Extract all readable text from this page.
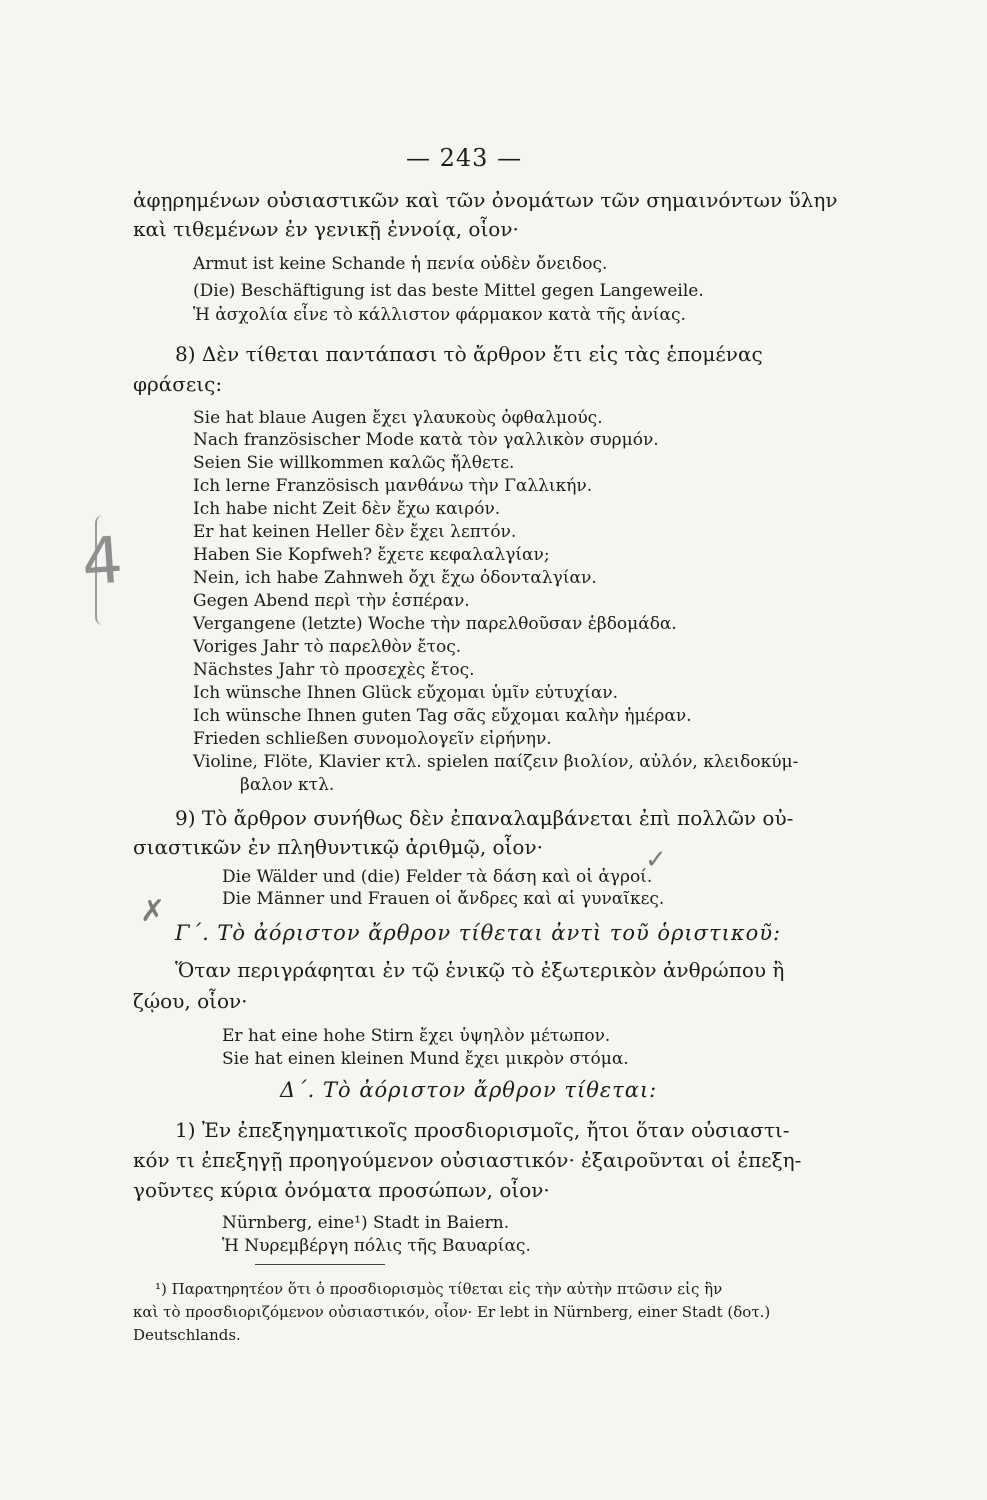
— 243 —
ἀφῃρημένων οὐσιαστικῶν καὶ τῶν ὀνομάτων τῶν σημαινόντων ὕλην
καὶ τιθεμένων ἐν γενικῇ ἐννοίᾳ, οἷον·
Armut ist keine Schande ἡ πενία οὐδὲν ὄνειδος.
(Die) Beschäftigung ist das beste Mittel gegen Langeweile.
Ἡ ἀσχολία εἶνε τὸ κάλλιστον φάρμακον κατὰ τῆς ἀνίας.
8) Δὲν τίθεται παντάπασι τὸ ἄρθρον ἔτι εἰς τὰς ἑπομένας
φράσεις:
Sie hat blaue Augen ἔχει γλαυκοὺς ὀφθαλμούς.
Nach französischer Mode κατὰ τὸν γαλλικὸν συρμόν.
Seien Sie willkommen καλῶς ἤλθετε.
Ich lerne Französisch μανθάνω τὴν Γαλλικήν.
Ich habe nicht Zeit δὲν ἔχω καιρόν.
Er hat keinen Heller δὲν ἔχει λεπτόν.
Haben Sie Kopfweh? ἔχετε κεφαλαλγίαν;
Nein, ich habe Zahnweh ὄχι ἔχω ὀδονταλγίαν.
Gegen Abend περὶ τὴν ἑσπέραν.
Vergangene (letzte) Woche τὴν παρελθοῦσαν ἑβδομάδα.
Voriges Jahr τὸ παρελθὸν ἔτος.
Nächstes Jahr τὸ προσεχὲς ἔτος.
Ich wünsche Ihnen Glück εὔχομαι ὑμῖν εὐτυχίαν.
Ich wünsche Ihnen guten Tag σᾶς εὔχομαι καλὴν ἡμέραν.
Frieden schließen συνομολογεῖν εἰρήνην.
Violine, Flöte, Klavier κτλ. spielen παίζειν βιολίον, αὐλόν, κλειδοκύμ-
βαλον κτλ.
9) Τὸ ἄρθρον συνήθως δὲν ἐπαναλαμβάνεται ἐπὶ πολλῶν οὐ-
σιαστικῶν ἐν πληθυντικῷ ἀριθμῷ, οἷον·
Die Wälder und (die) Felder τὰ δάση καὶ οἱ ἀγροί.
Die Männer und Frauen οἱ ἄνδρες καὶ αἱ γυναῖκες.
Γ΄. Τὸ ἀόριστον ἄρθρον τίθεται ἀντὶ τοῦ ὁριστικοῦ:
Ὅταν περιγράφηται ἐν τῷ ἑνικῷ τὸ ἐξωτερικὸν ἀνθρώπου ἢ
ζῴου, οἷον·
Er hat eine hohe Stirn ἔχει ὑψηλὸν μέτωπον.
Sie hat einen kleinen Mund ἔχει μικρὸν στόμα.
Δ΄. Τὸ ἀόριστον ἄρθρον τίθεται:
1) Ἐν ἐπεξηγηματικοῖς προσδιορισμοῖς, ἤτοι ὅταν οὐσιαστι-
κόν τι ἐπεξηγῇ προηγούμενον οὐσιαστικόν· ἐξαιροῦνται οἱ ἐπεξη-
γοῦντες κύρια ὀνόματα προσώπων, οἷον·
Nürnberg, eine¹) Stadt in Baiern.
Ἡ Νυρεμβέργη πόλις τῆς Βαυαρίας.
¹) Παρατηρητέον ὅτι ὁ προσδιορισμὸς τίθεται εἰς τὴν αὐτὴν πτῶσιν εἰς ἣν
καὶ τὸ προσδιοριζόμενον οὐσιαστικόν, οἷον· Er lebt in Nürnberg, einer Stadt (δοτ.)
Deutschlands.
4
✓
✗
